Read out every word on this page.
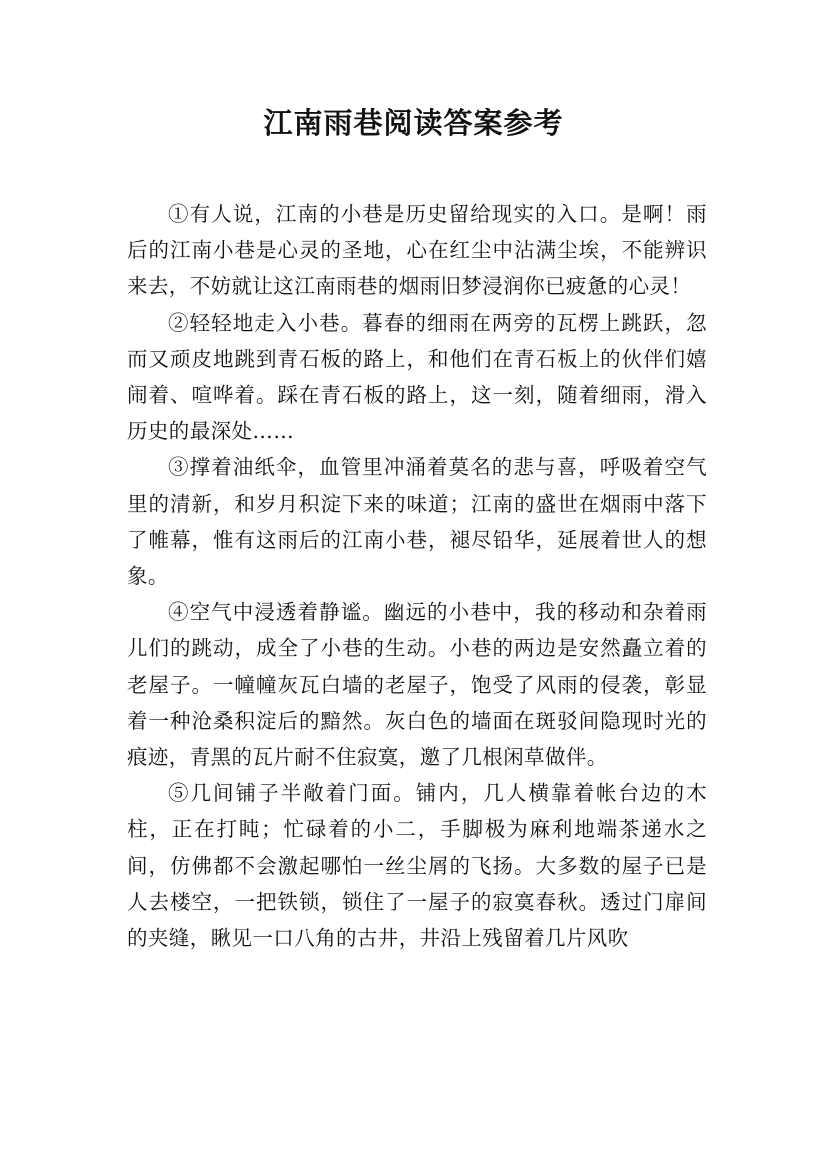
江南雨巷阅读答案参考

①有人说，江南的小巷是历史留给现实的入口。是啊！雨后的江南小巷是心灵的圣地，心在红尘中沾满尘埃，不能辨识来去，不妨就让这江南雨巷的烟雨旧梦浸润你已疲惫的心灵！

②轻轻地走入小巷。暮春的细雨在两旁的瓦楞上跳跃，忽而又顽皮地跳到青石板的路上，和他们在青石板上的伙伴们嬉闹着、喧哗着。踩在青石板的路上，这一刻，随着细雨，滑入历史的最深处……

③撑着油纸伞，血管里冲涌着莫名的悲与喜，呼吸着空气里的清新，和岁月积淀下来的味道；江南的盛世在烟雨中落下了帷幕，惟有这雨后的江南小巷，褪尽铅华，延展着世人的想象。

④空气中浸透着静谧。幽远的小巷中，我的移动和杂着雨儿们的跳动，成全了小巷的生动。小巷的两边是安然矗立着的老屋子。一幢幢灰瓦白墙的老屋子，饱受了风雨的侵袭，彰显着一种沧桑积淀后的黯然。灰白色的墙面在斑驳间隐现时光的痕迹，青黑的瓦片耐不住寂寞，邀了几根闲草做伴。

⑤几间铺子半敞着门面。铺内，几人横靠着帐台边的木柱，正在打盹；忙碌着的小二，手脚极为麻利地端茶递水之间，仿佛都不会激起哪怕一丝尘屑的飞扬。大多数的屋子已是人去楼空，一把铁锁，锁住了一屋子的寂寞春秋。透过门扉间的夹缝，瞅见一口八角的古井，井沿上残留着几片风吹
